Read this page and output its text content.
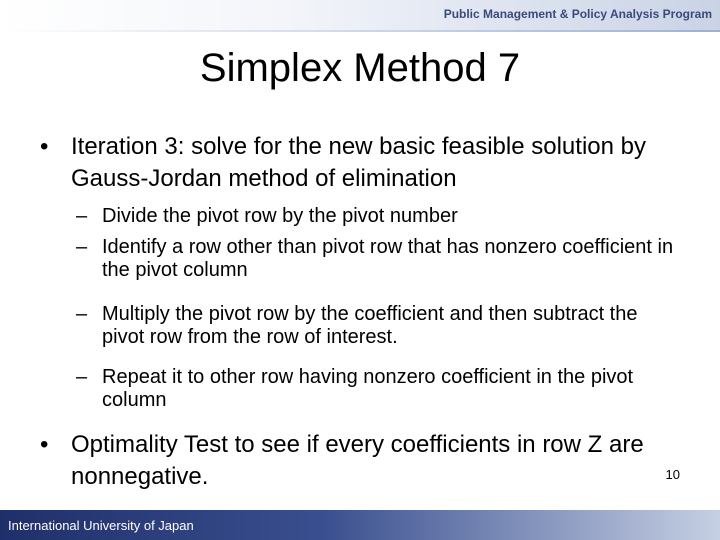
Public Management & Policy Analysis Program
Simplex Method 7
• Iteration 3: solve for the new basic feasible solution by Gauss-Jordan method of elimination
– Divide the pivot row by the pivot number
– Identify a row other than pivot row that has nonzero coefficient in the pivot column
– Multiply the pivot row by the coefficient and then subtract the pivot row from the row of interest.
– Repeat it to other row having nonzero coefficient in the pivot column
• Optimality Test to see if every coefficients in row Z are nonnegative.	10
International University of Japan
